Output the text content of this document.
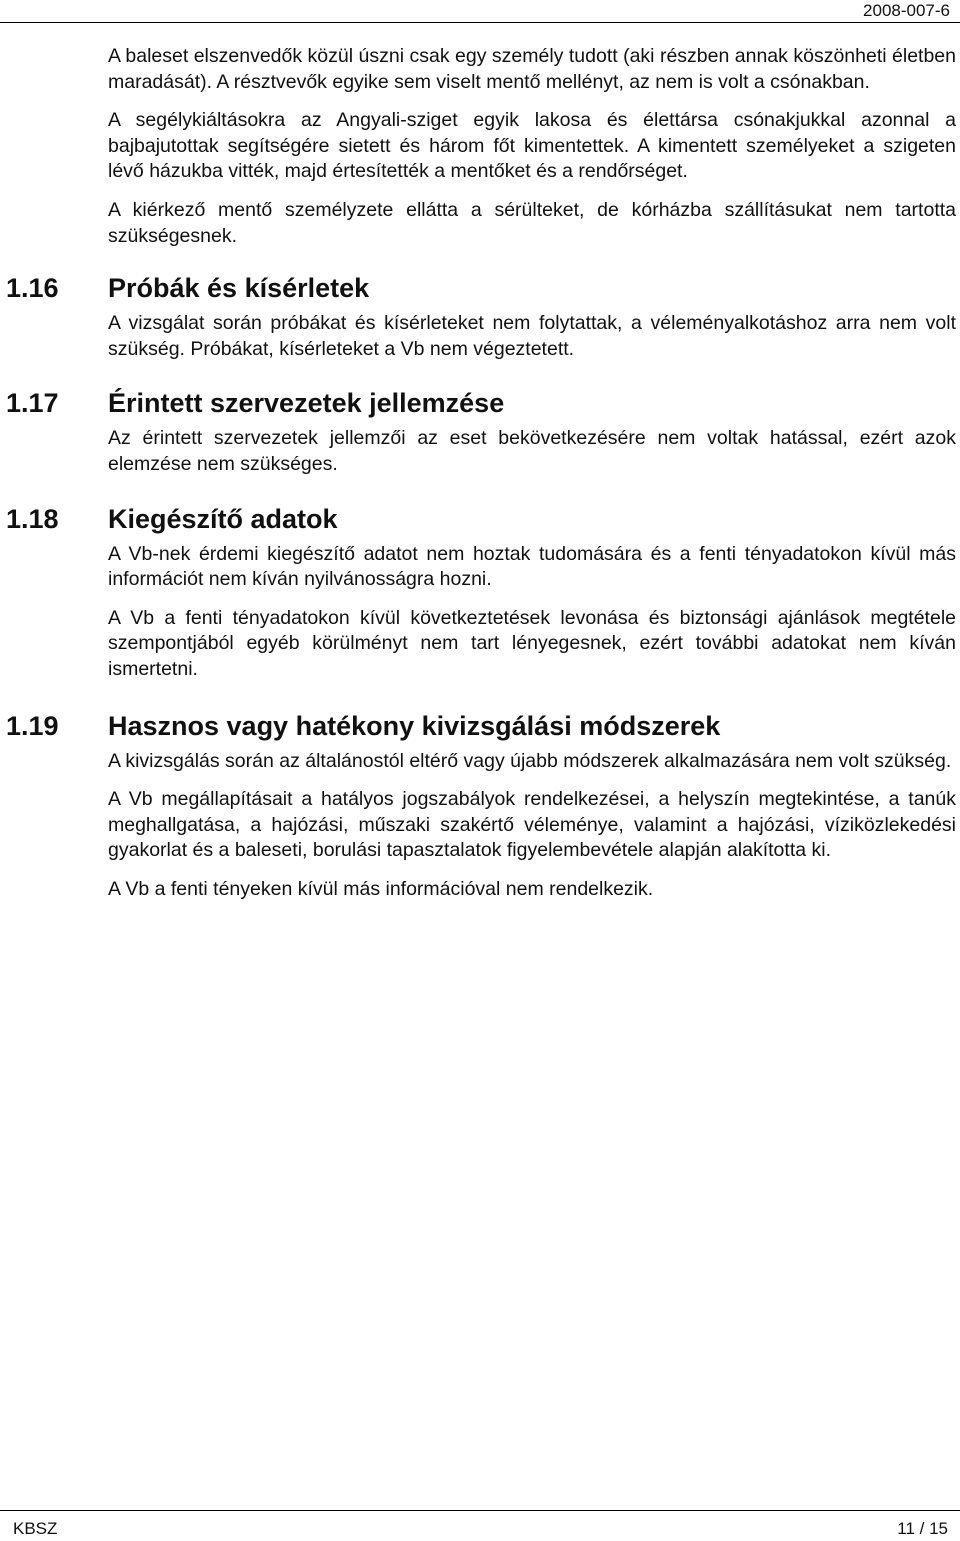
2008-007-6

A baleset elszenvedők közül úszni csak egy személy tudott (aki részben annak köszönheti életben maradását). A résztvevők egyike sem viselt mentő mellényt, az nem is volt a csónakban.

A segélykiáltásokra az Angyali-sziget egyik lakosa és élettársa csónakjukkal azonnal a bajbajutottak segítségére sietett és három főt kimentettek. A kimentett személyeket a szigeten lévő házukba vitték, majd értesítették a mentőket és a rendőrséget.

A kiérkező mentő személyzete ellátta a sérülteket, de kórházba szállításukat nem tartotta szükségesnek.

1.16 Próbák és kísérletek

A vizsgálat során próbákat és kísérleteket nem folytattak, a véleményalkotáshoz arra nem volt szükség. Próbákat, kísérleteket a Vb nem végeztetett.

1.17 Érintett szervezetek jellemzése

Az érintett szervezetek jellemzői az eset bekövetkezésére nem voltak hatással, ezért azok elemzése nem szükséges.

1.18 Kiegészítő adatok

A Vb-nek érdemi kiegészítő adatot nem hoztak tudomására és a fenti tényadatokon kívül más információt nem kíván nyilvánosságra hozni.

A Vb a fenti tényadatokon kívül következtetések levonása és biztonsági ajánlások megtétele szempontjából egyéb körülményt nem tart lényegesnek, ezért további adatokat nem kíván ismertetni.

1.19 Hasznos vagy hatékony kivizsgálási módszerek

A kivizsgálás során az általánostól eltérő vagy újabb módszerek alkalmazására nem volt szükség.

A Vb megállapításait a hatályos jogszabályok rendelkezései, a helyszín megtekintése, a tanúk meghallgatása, a hajózási, műszaki szakértő véleménye, valamint a hajózási, víziközlekedési gyakorlat és a baleseti, borulási tapasztalatok figyelembevétele alapján alakította ki.

A Vb a fenti tényeken kívül más információval nem rendelkezik.

KBSZ	11 / 15
